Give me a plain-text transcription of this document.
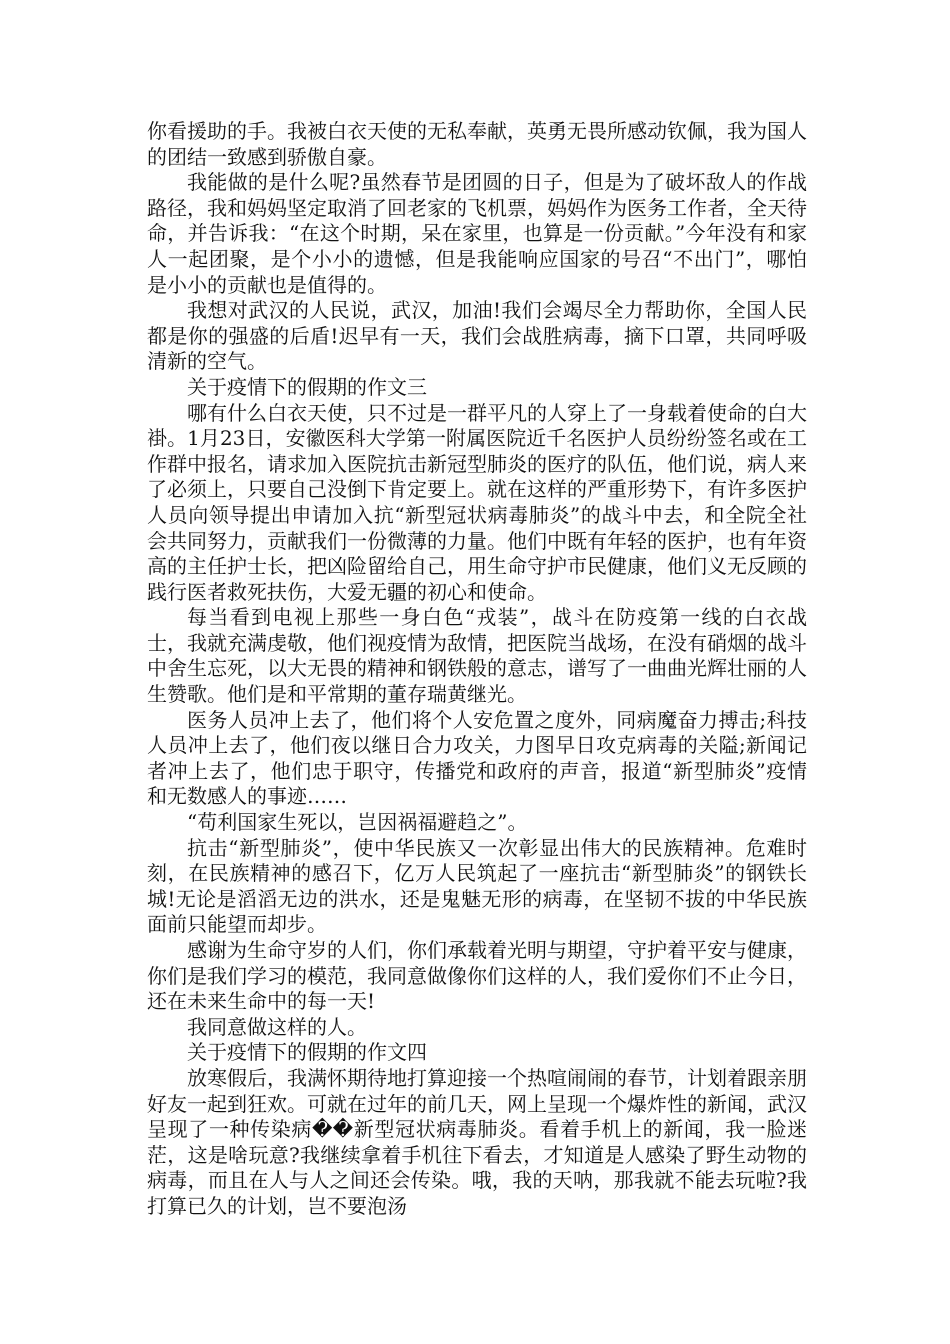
你看援助的手。我被白衣天使的无私奉献，英勇无畏所感动钦佩，我为国人的团结一致感到骄傲自豪。

我能做的是什么呢?虽然春节是团圆的日子，但是为了破坏敌人的作战路径，我和妈妈坚定取消了回老家的飞机票，妈妈作为医务工作者，全天待命，并告诉我：“在这个时期，呆在家里，也算是一份贡献。”今年没有和家人一起团聚，是个小小的遗憾，但是我能响应国家的号召“不出门”，哪怕是小小的贡献也是值得的。

我想对武汉的人民说，武汉，加油!我们会竭尽全力帮助你，全国人民都是你的强盛的后盾!迟早有一天，我们会战胜病毒，摘下口罩，共同呼吸清新的空气。

关于疫情下的假期的作文三

哪有什么白衣天使，只不过是一群平凡的人穿上了一身载着使命的白大褂。1月23日，安徽医科大学第一附属医院近千名医护人员纷纷签名或在工作群中报名，请求加入医院抗击新冠型肺炎的医疗的队伍，他们说，病人来了必须上，只要自己没倒下肯定要上。就在这样的严重形势下，有许多医护人员向领导提出申请加入抗“新型冠状病毒肺炎”的战斗中去，和全院全社会共同努力，贡献我们一份微薄的力量。他们中既有年轻的医护，也有年资高的主任护士长，把凶险留给自己，用生命守护市民健康，他们义无反顾的践行医者救死扶伤，大爱无疆的初心和使命。

每当看到电视上那些一身白色“戎装”，战斗在防疫第一线的白衣战士，我就充满虔敬，他们视疫情为敌情，把医院当战场，在没有硝烟的战斗中舍生忘死，以大无畏的精神和钢铁般的意志，谱写了一曲曲光辉壮丽的人生赞歌。他们是和平常期的董存瑞黄继光。

医务人员冲上去了，他们将个人安危置之度外，同病魔奋力搏击;科技人员冲上去了，他们夜以继日合力攻关，力图早日攻克病毒的关隘;新闻记者冲上去了，他们忠于职守，传播党和政府的声音，报道“新型肺炎”疫情和无数感人的事迹……

“苟利国家生死以，岂因祸福避趋之”。

抗击“新型肺炎”，使中华民族又一次彰显出伟大的民族精神。危难时刻，在民族精神的感召下，亿万人民筑起了一座抗击“新型肺炎”的钢铁长城!无论是滔滔无边的洪水，还是鬼魅无形的病毒，在坚韧不拔的中华民族面前只能望而却步。

感谢为生命守岁的人们，你们承载着光明与期望，守护着平安与健康，你们是我们学习的模范，我同意做像你们这样的人，我们爱你们不止今日，还在未来生命中的每一天!

我同意做这样的人。

关于疫情下的假期的作文四

放寒假后，我满怀期待地打算迎接一个热喧闹闹的春节，计划着跟亲朋好友一起到狂欢。可就在过年的前几天，网上呈现一个爆炸性的新闻，武汉呈现了一种传染病��新型冠状病毒肺炎。看着手机上的新闻，我一脸迷茫，这是啥玩意?我继续拿着手机往下看去，才知道是人感染了野生动物的病毒，而且在人与人之间还会传染。哦，我的天呐，那我就不能去玩啦?我打算已久的计划，岂不要泡汤
